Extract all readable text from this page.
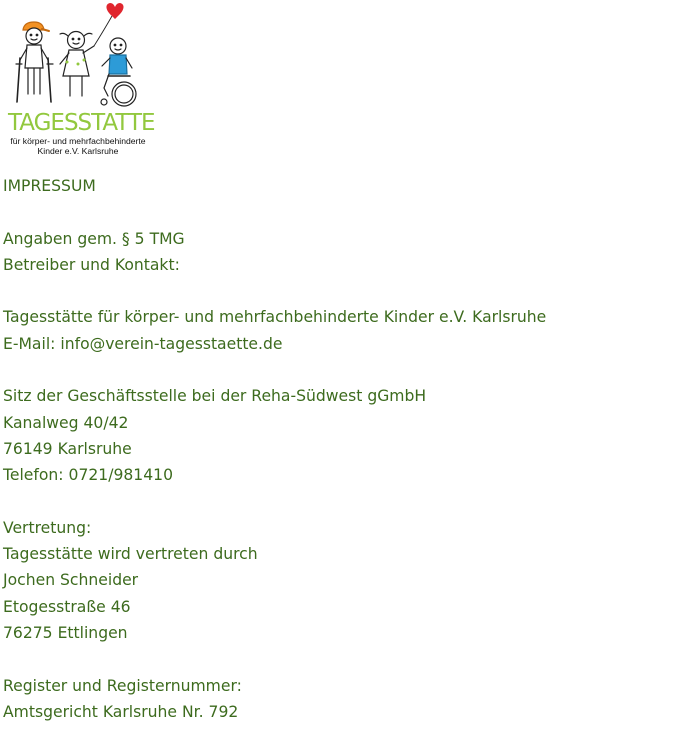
TAGESSTATTE
für körper- und mehrfachbehinderte
Kinder e.V. Karlsruhe
IMPRESSUM
Angaben gem. § 5 TMG
Betreiber und Kontakt:
Tagesstätte für körper- und mehrfachbehinderte Kinder e.V. Karlsruhe
E-Mail: info@verein-tagesstaette.de
Sitz der Geschäftsstelle bei der Reha-Südwest gGmbH
Kanalweg 40/42
76149 Karlsruhe
Telefon: 0721/981410
Vertretung:
Tagesstätte wird vertreten durch
Jochen Schneider
Etogesstraße 46
76275 Ettlingen
Register und Registernummer:
Amtsgericht Karlsruhe Nr. 792
